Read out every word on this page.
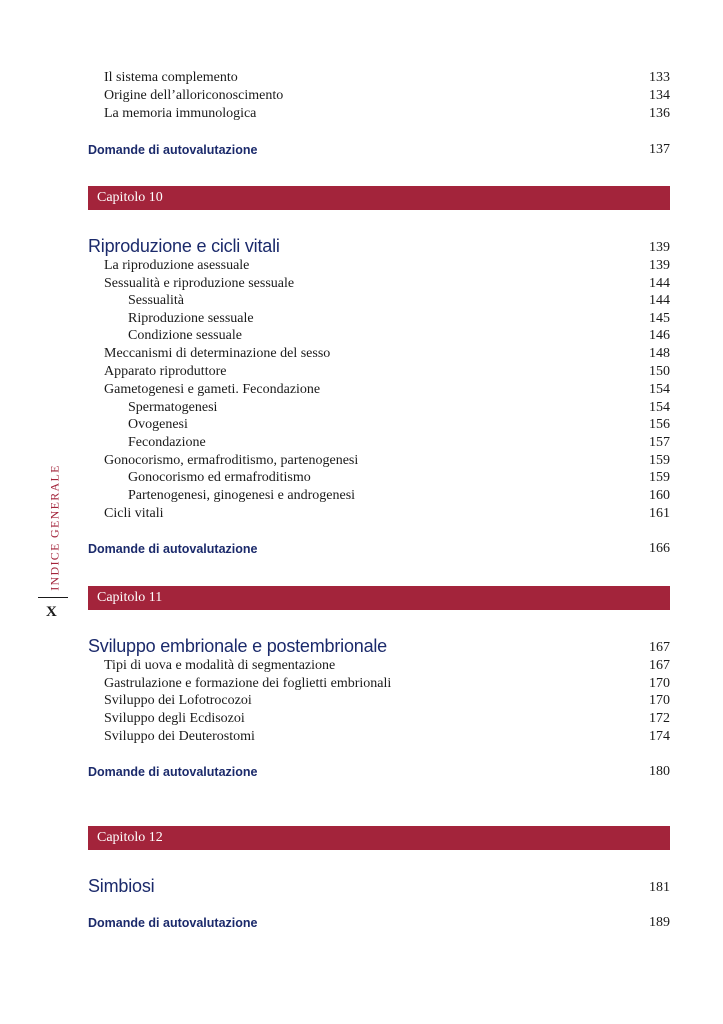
Il sistema complemento	133
Origine dell’alloriconoscimento	134
La memoria immunologica	136
Domande di autovalutazione	137
Capitolo 10
Riproduzione e cicli vitali	139
La riproduzione asessuale	139
Sessualità e riproduzione sessuale	144
Sessualità	144
Riproduzione sessuale	145
Condizione sessuale	146
Meccanismi di determinazione del sesso	148
Apparato riproduttore	150
Gametogenesi e gameti. Fecondazione	154
Spermatogenesi	154
Ovogenesi	156
Fecondazione	157
Gonocorismo, ermafroditismo, partenogenesi	159
Gonocorismo ed ermafroditismo	159
Partenogenesi, ginogenesi e androgenesi	160
Cicli vitali	161
Domande di autovalutazione	166
Capitolo 11
Sviluppo embrionale e postembrionale	167
Tipi di uova e modalità di segmentazione	167
Gastrulazione e formazione dei foglietti embrionali	170
Sviluppo dei Lofotrocozoi	170
Sviluppo degli Ecdisozoi	172
Sviluppo dei Deuterostomi	174
Domande di autovalutazione	180
Capitolo 12
Simbiosi	181
Domande di autovalutazione	189
INDICE GENERALE
X
